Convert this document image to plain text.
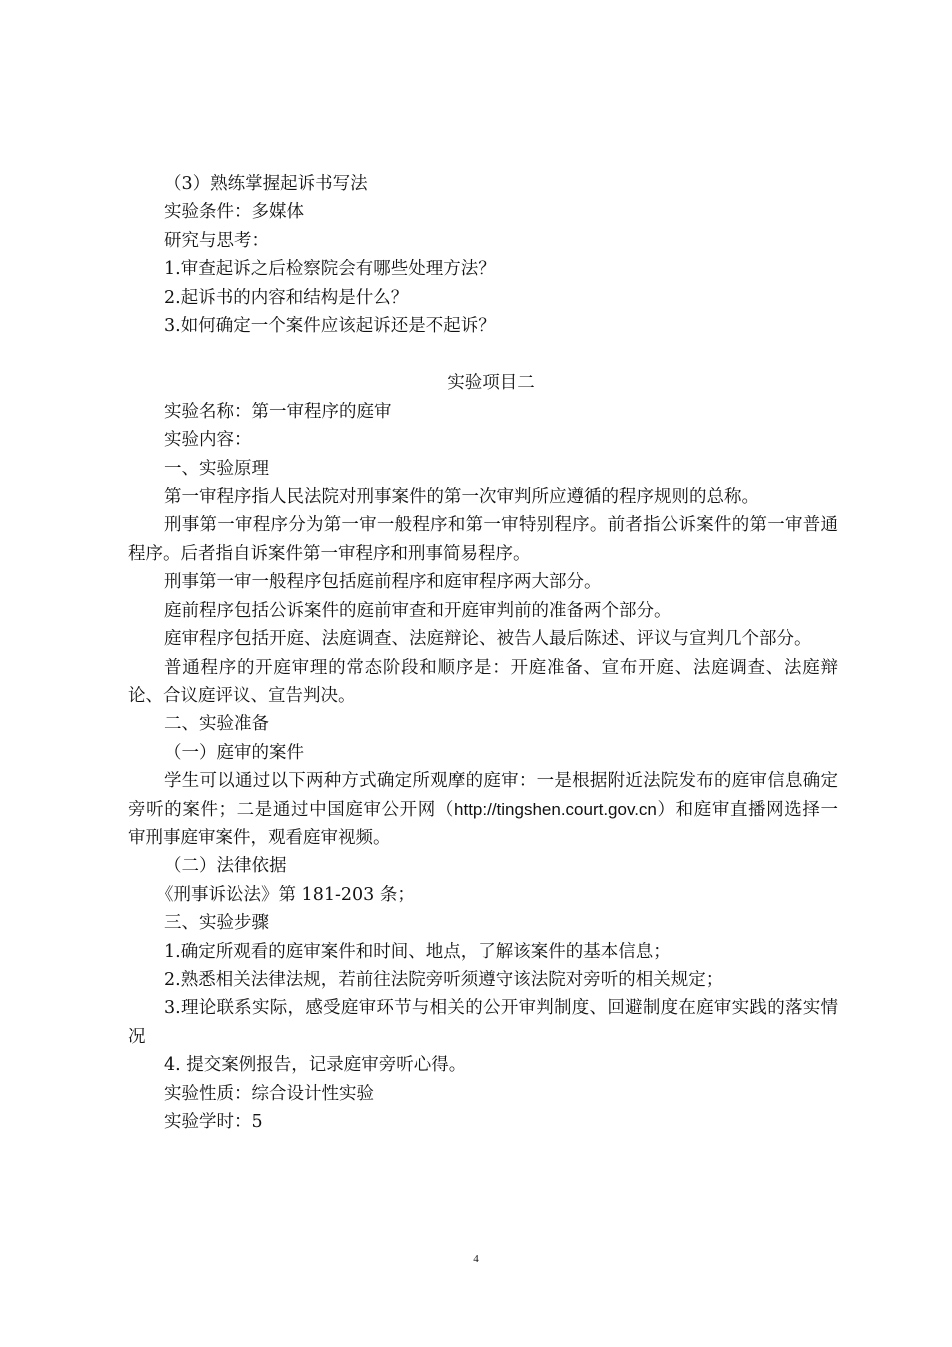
（3）熟练掌握起诉书写法

实验条件：多媒体

研究与思考：

1.审查起诉之后检察院会有哪些处理方法？

2.起诉书的内容和结构是什么？

3.如何确定一个案件应该起诉还是不起诉？

实验项目二

实验名称：第一审程序的庭审

实验内容：

一、实验原理

第一审程序指人民法院对刑事案件的第一次审判所应遵循的程序规则的总称。

刑事第一审程序分为第一审一般程序和第一审特别程序。前者指公诉案件的第一审普通程序。后者指自诉案件第一审程序和刑事简易程序。

刑事第一审一般程序包括庭前程序和庭审程序两大部分。

庭前程序包括公诉案件的庭前审查和开庭审判前的准备两个部分。

庭审程序包括开庭、法庭调查、法庭辩论、被告人最后陈述、评议与宣判几个部分。

普通程序的开庭审理的常态阶段和顺序是：开庭准备、宣布开庭、法庭调查、法庭辩论、合议庭评议、宣告判决。

二、实验准备

（一）庭审的案件

学生可以通过以下两种方式确定所观摩的庭审：一是根据附近法院发布的庭审信息确定旁听的案件；二是通过中国庭审公开网（http://tingshen.court.gov.cn）和庭审直播网选择一审刑事庭审案件，观看庭审视频。

（二）法律依据

《刑事诉讼法》第 181-203 条；

三、实验步骤

1.确定所观看的庭审案件和时间、地点，了解该案件的基本信息；

2.熟悉相关法律法规，若前往法院旁听须遵守该法院对旁听的相关规定；

3.理论联系实际，感受庭审环节与相关的公开审判制度、回避制度在庭审实践的落实情况

4. 提交案例报告，记录庭审旁听心得。

实验性质：综合设计性实验

实验学时：5

4
